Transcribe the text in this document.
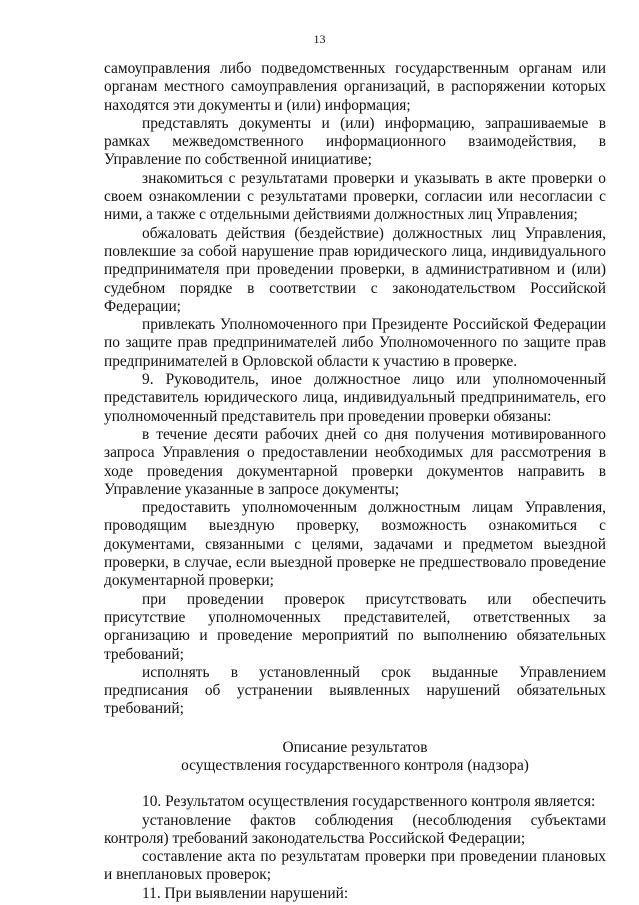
13

самоуправления либо подведомственных государственным органам или органам местного самоуправления организаций, в распоряжении которых находятся эти документы и (или) информация;

представлять документы и (или) информацию, запрашиваемые в рамках межведомственного информационного взаимодействия, в Управление по собственной инициативе;

знакомиться с результатами проверки и указывать в акте проверки о своем ознакомлении с результатами проверки, согласии или несогласии с ними, а также с отдельными действиями должностных лиц Управления;

обжаловать действия (бездействие) должностных лиц Управления, повлекшие за собой нарушение прав юридического лица, индивидуального предпринимателя при проведении проверки, в административном и (или) судебном порядке в соответствии с законодательством Российской Федерации;

привлекать Уполномоченного при Президенте Российской Федерации по защите прав предпринимателей либо Уполномоченного по защите прав предпринимателей в Орловской области к участию в проверке.

9. Руководитель, иное должностное лицо или уполномоченный представитель юридического лица, индивидуальный предприниматель, его уполномоченный представитель при проведении проверки обязаны:

в течение десяти рабочих дней со дня получения мотивированного запроса Управления о предоставлении необходимых для рассмотрения в ходе проведения документарной проверки документов направить в Управление указанные в запросе документы;

предоставить уполномоченным должностным лицам Управления, проводящим выездную проверку, возможность ознакомиться с документами, связанными с целями, задачами и предметом выездной проверки, в случае, если выездной проверке не предшествовало проведение документарной проверки;

при проведении проверок присутствовать или обеспечить присутствие уполномоченных представителей, ответственных за организацию и проведение мероприятий по выполнению обязательных требований;

исполнять в установленный срок выданные Управлением предписания об устранении выявленных нарушений обязательных требований;

Описание результатов
осуществления государственного контроля (надзора)

10. Результатом осуществления государственного контроля является:

установление фактов соблюдения (несоблюдения субъектами контроля) требований законодательства Российской Федерации;

составление акта по результатам проверки при проведении плановых и внеплановых проверок;

11. При выявлении нарушений:
